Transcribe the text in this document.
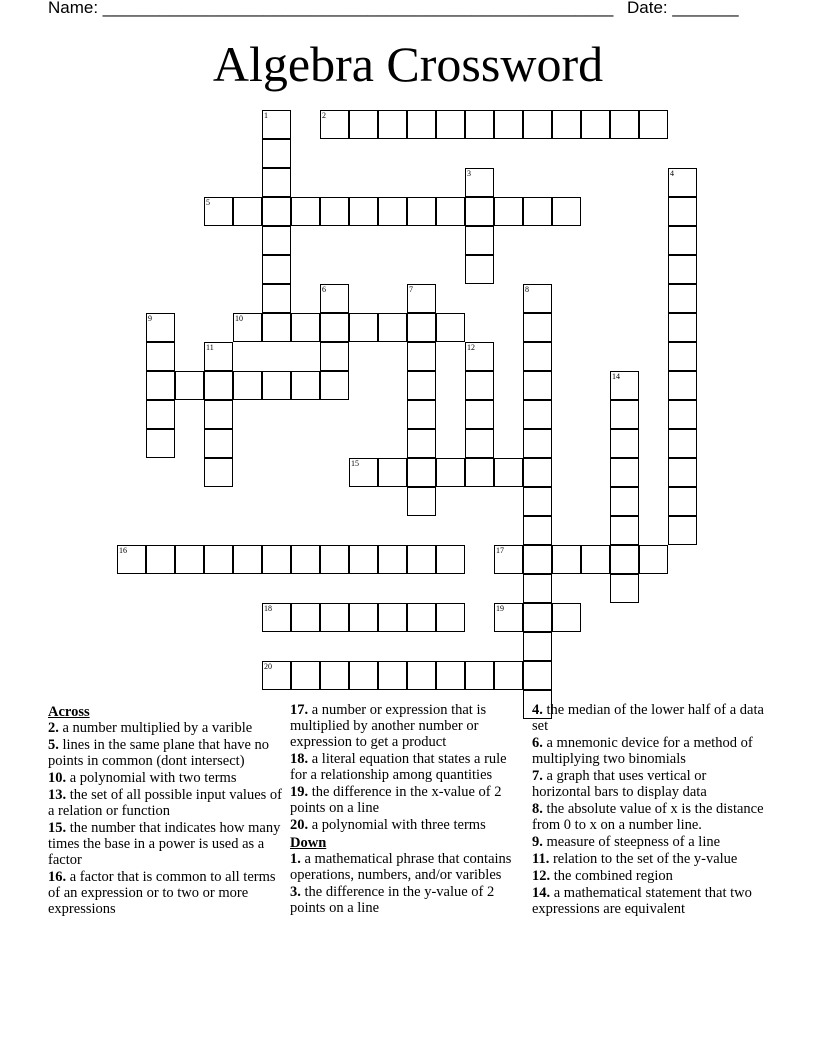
Name: ______________________________________________________ Date: _______
Algebra Crossword
2
5
10
15
16	17
18	19
20
1
3	4
6	7	8
9
11	12
14
Across
2. a number multiplied by a varible
5. lines in the same plane that have no points in common (dont intersect)
10. a polynomial with two terms
13. the set of all possible input values of a relation or function
15. the number that indicates how many times the base in a power is used as a factor
16. a factor that is common to all terms of an expression or to two or more expressions
17. a number or expression that is multiplied by another number or expression to get a product
18. a literal equation that states a rule for a relationship among quantities
19. the difference in the x-value of 2 points on a line
20. a polynomial with three terms
Down
1. a mathematical phrase that contains operations, numbers, and/or varibles
3. the difference in the y-value of 2 points on a line
4. the median of the lower half of a data set
6. a mnemonic device for a method of multiplying two binomials
7. a graph that uses vertical or horizontal bars to display data
8. the absolute value of x is the distance from 0 to x on a number line.
9. measure of steepness of a line
11. relation to the set of the y-value
12. the combined region
14. a mathematical statement that two expressions are equivalent
